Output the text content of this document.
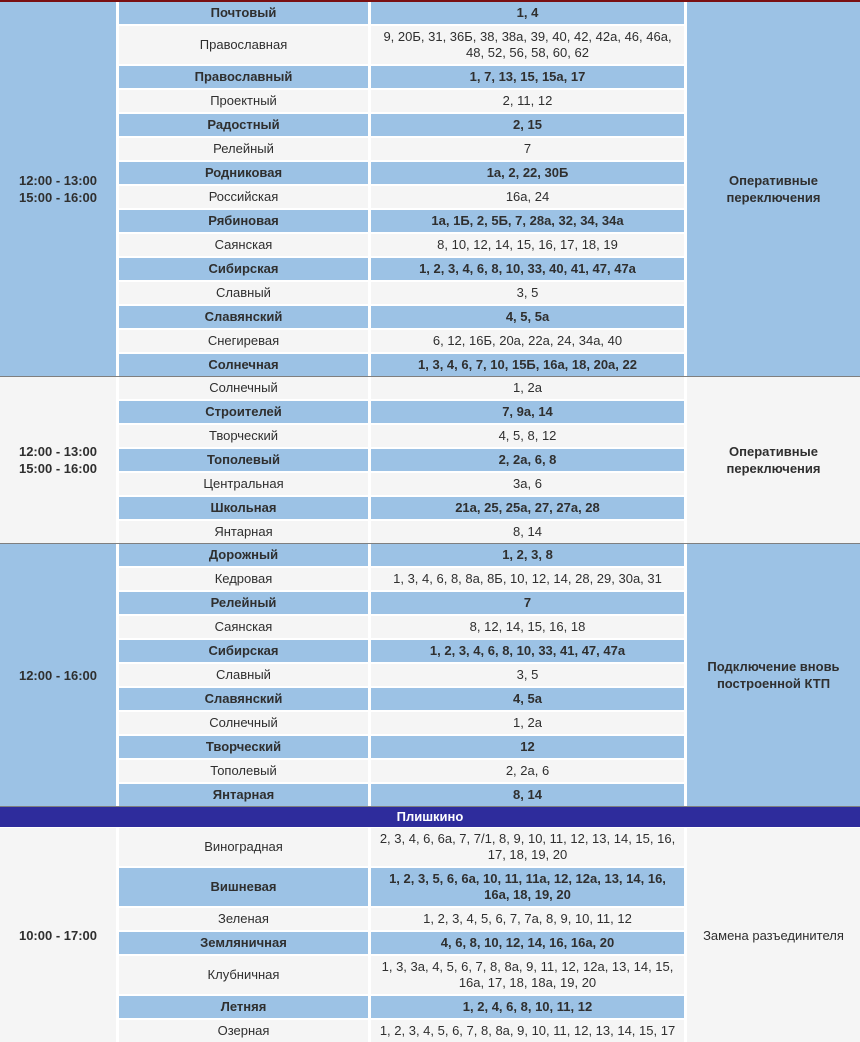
12:00 - 13:00
15:00 - 16:00	Почтовый	1, 4	Оперативные переключения
	Православная	9, 20Б, 31, 36Б, 38, 38а, 39, 40, 42, 42а, 46, 46а, 48, 52, 56, 58, 60, 62	
	Православный	1, 7, 13, 15, 15а, 17	
	Проектный	2, 11, 12	
	Радостный	2, 15	
	Релейный	7	
	Родниковая	1а, 2, 22, 30Б	
	Российская	16а, 24	
	Рябиновая	1а, 1Б, 2, 5Б, 7, 28а, 32, 34, 34а	
	Саянская	8, 10, 12, 14, 15, 16, 17, 18, 19	
	Сибирская	1, 2, 3, 4, 6, 8, 10, 33, 40, 41, 47, 47а	
	Славный	3, 5	
	Славянский	4, 5, 5а	
	Снегиревая	6, 12, 16Б, 20а, 22а, 24, 34а, 40	
	Солнечная	1, 3, 4, 6, 7, 10, 15Б, 16а, 18, 20а, 22	

12:00 - 13:00
15:00 - 16:00	Солнечный	1, 2а	Оперативные переключения
	Строителей	7, 9а, 14	
	Творческий	4, 5, 8, 12	
	Тополевый	2, 2а, 6, 8	
	Центральная	3а, 6	
	Школьная	21а, 25, 25а, 27, 27а, 28	
	Янтарная	8, 14	

12:00 - 16:00	Дорожный	1, 2, 3, 8	Подключение вновь построенной КТП
	Кедровая	1, 3, 4, 6, 8, 8а, 8Б, 10, 12, 14, 28, 29, 30а, 31	
	Релейный	7	
	Саянская	8, 12, 14, 15, 16, 18	
	Сибирская	1, 2, 3, 4, 6, 8, 10, 33, 41, 47, 47а	
	Славный	3, 5	
	Славянский	4, 5а	
	Солнечный	1, 2а	
	Творческий	12	
	Тополевый	2, 2а, 6	
	Янтарная	8, 14	

Плишкино			

10:00 - 17:00	Виноградная	2, 3, 4, 6, 6а, 7, 7/1, 8, 9, 10, 11, 12, 13, 14, 15, 16, 17, 18, 19, 20	Замена разъединителя
	Вишневая	1, 2, 3, 5, 6, 6а, 10, 11, 11а, 12, 12а, 13, 14, 16, 16а, 18, 19, 20	
	Зеленая	1, 2, 3, 4, 5, 6, 7, 7а, 8, 9, 10, 11, 12	
	Земляничная	4, 6, 8, 10, 12, 14, 16, 16а, 20	
	Клубничная	1, 3, 3а, 4, 5, 6, 7, 8, 8а, 9, 11, 12, 12а, 13, 14, 15, 16а, 17, 18, 18а, 19, 20	
	Летняя	1, 2, 4, 6, 8, 10, 11, 12	
	Озерная	1, 2, 3, 4, 5, 6, 7, 8, 8а, 9, 10, 11, 12, 13, 14, 15, 17	
